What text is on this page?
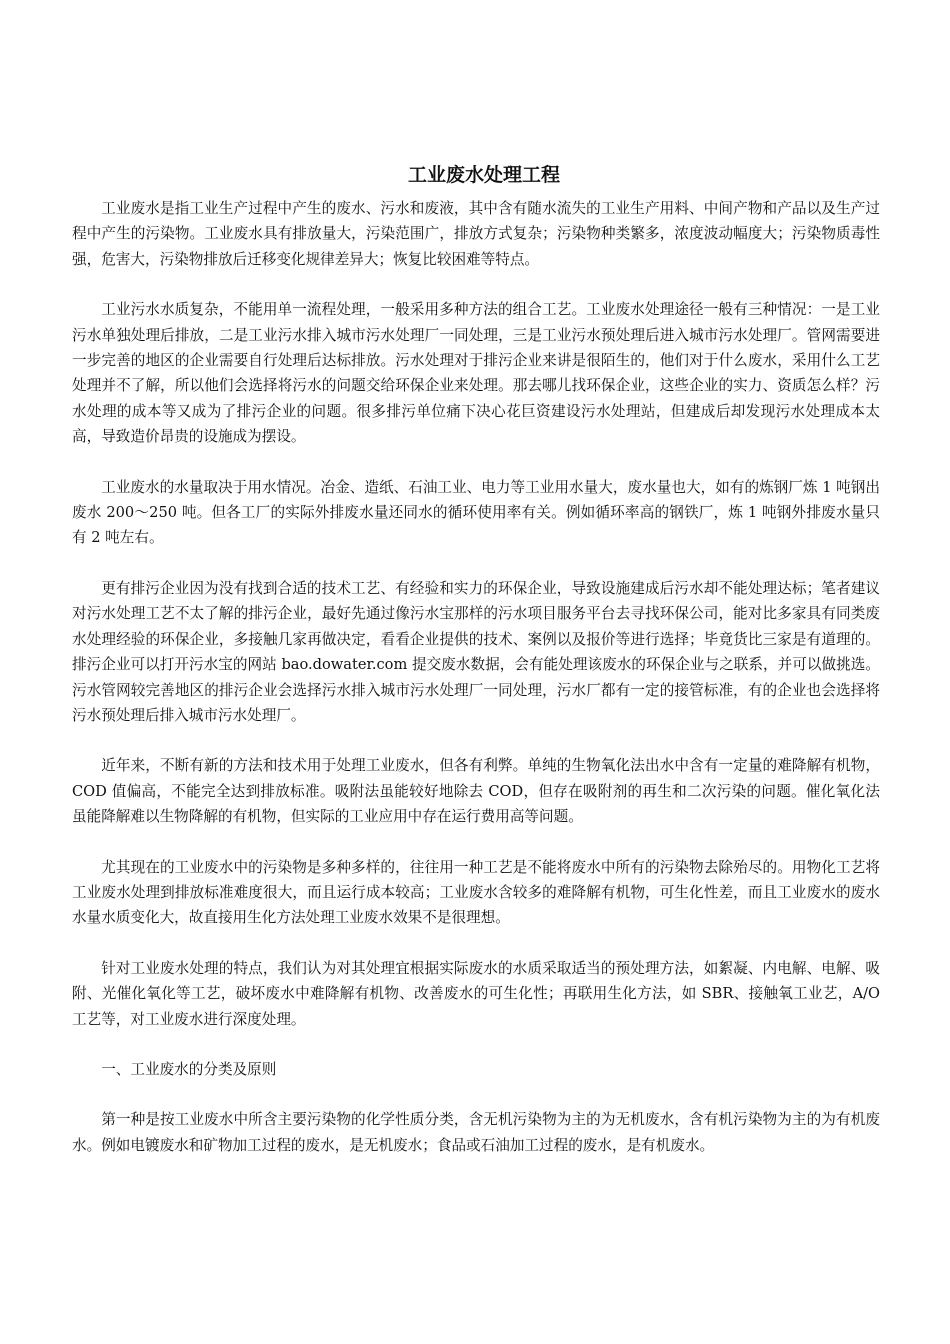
工业废水处理工程

工业废水是指工业生产过程中产生的废水、污水和废液，其中含有随水流失的工业生产用料、中间产物和产品以及生产过程中产生的污染物。工业废水具有排放量大，污染范围广，排放方式复杂；污染物种类繁多，浓度波动幅度大；污染物质毒性强，危害大，污染物排放后迁移变化规律差异大；恢复比较困难等特点。

工业污水水质复杂，不能用单一流程处理，一般采用多种方法的组合工艺。工业废水处理途径一般有三种情况：一是工业污水单独处理后排放，二是工业污水排入城市污水处理厂一同处理，三是工业污水预处理后进入城市污水处理厂。管网需要进一步完善的地区的企业需要自行处理后达标排放。污水处理对于排污企业来讲是很陌生的，他们对于什么废水，采用什么工艺处理并不了解，所以他们会选择将污水的问题交给环保企业来处理。那去哪儿找环保企业，这些企业的实力、资质怎么样？污水处理的成本等又成为了排污企业的问题。很多排污单位痛下决心花巨资建设污水处理站，但建成后却发现污水处理成本太高，导致造价昂贵的设施成为摆设。

工业废水的水量取决于用水情况。冶金、造纸、石油工业、电力等工业用水量大，废水量也大，如有的炼钢厂炼 1 吨钢出废水 200～250 吨。但各工厂的实际外排废水量还同水的循环使用率有关。例如循环率高的钢铁厂，炼 1 吨钢外排废水量只有 2 吨左右。

更有排污企业因为没有找到合适的技术工艺、有经验和实力的环保企业，导致设施建成后污水却不能处理达标；笔者建议对污水处理工艺不太了解的排污企业，最好先通过像污水宝那样的污水项目服务平台去寻找环保公司，能对比多家具有同类废水处理经验的环保企业，多接触几家再做决定，看看企业提供的技术、案例以及报价等进行选择；毕竟货比三家是有道理的。排污企业可以打开污水宝的网站 bao.dowater.com 提交废水数据，会有能处理该废水的环保企业与之联系，并可以做挑选。污水管网较完善地区的排污企业会选择污水排入城市污水处理厂一同处理，污水厂都有一定的接管标准，有的企业也会选择将污水预处理后排入城市污水处理厂。

近年来，不断有新的方法和技术用于处理工业废水，但各有利弊。单纯的生物氧化法出水中含有一定量的难降解有机物，COD 值偏高，不能完全达到排放标准。吸附法虽能较好地除去 COD，但存在吸附剂的再生和二次污染的问题。催化氧化法虽能降解难以生物降解的有机物，但实际的工业应用中存在运行费用高等问题。

尤其现在的工业废水中的污染物是多种多样的，往往用一种工艺是不能将废水中所有的污染物去除殆尽的。用物化工艺将工业废水处理到排放标准难度很大，而且运行成本较高；工业废水含较多的难降解有机物，可生化性差，而且工业废水的废水水量水质变化大，故直接用生化方法处理工业废水效果不是很理想。

针对工业废水处理的特点，我们认为对其处理宜根据实际废水的水质采取适当的预处理方法，如絮凝、内电解、电解、吸附、光催化氧化等工艺，破坏废水中难降解有机物、改善废水的可生化性；再联用生化方法，如 SBR、接触氧工业艺，A/O 工艺等，对工业废水进行深度处理。

一、工业废水的分类及原则

第一种是按工业废水中所含主要污染物的化学性质分类，含无机污染物为主的为无机废水，含有机污染物为主的为有机废水。例如电镀废水和矿物加工过程的废水，是无机废水；食品或石油加工过程的废水，是有机废水。
